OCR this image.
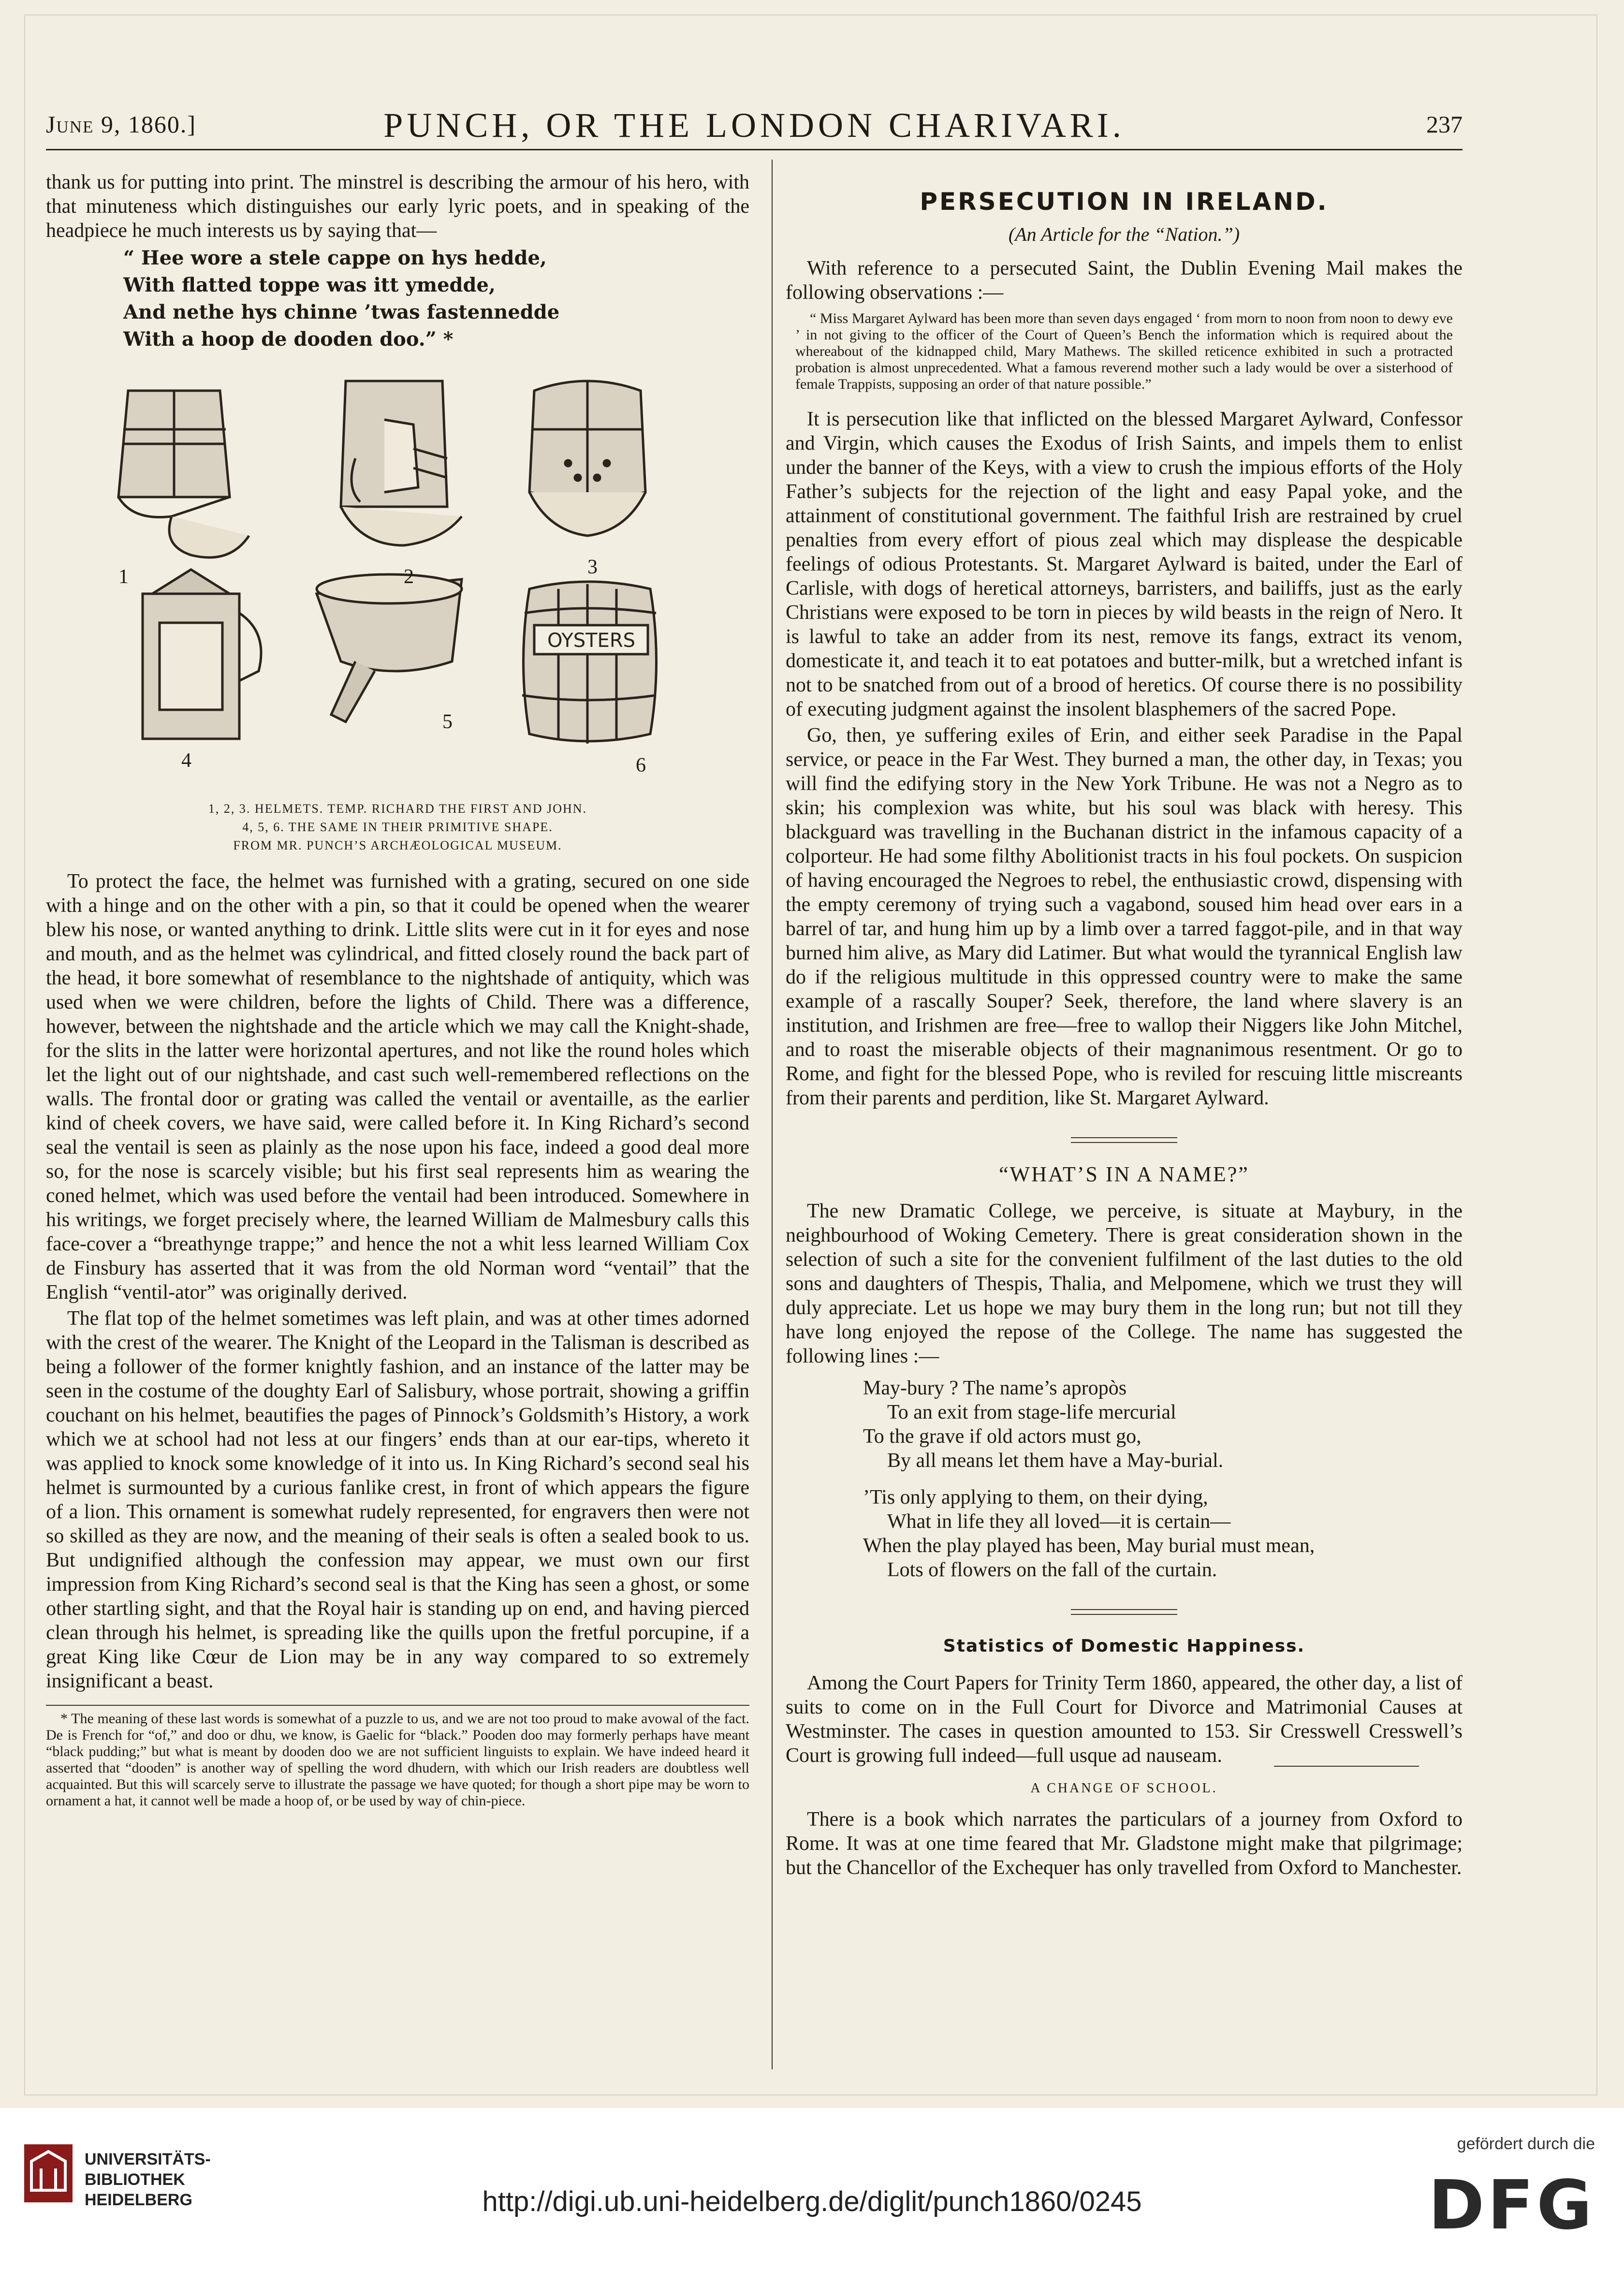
June 9, 1860.]	PUNCH, OR THE LONDON CHARIVARI.	237

thank us for putting into print. The minstrel is describing the armour of his hero, with that minuteness which distinguishes our early lyric poets, and in speaking of the headpiece he much interests us by saying that—

“ Hee wore a stele cappe on hys hedde,
With flatted toppe was itt ymedde,
And nethe hys chinne ’twas fastennedde
With a hoop de dooden doo.” *
OYSTERS
1	2	3
4
5
6
1, 2, 3. HELMETS. TEMP. RICHARD THE FIRST AND JOHN.
4, 5, 6. THE SAME IN THEIR PRIMITIVE SHAPE.
FROM MR. PUNCH’S ARCHÆOLOGICAL MUSEUM.

To protect the face, the helmet was furnished with a grating, secured on one side with a hinge and on the other with a pin, so that it could be opened when the wearer blew his nose, or wanted anything to drink. Little slits were cut in it for eyes and nose and mouth, and as the helmet was cylindrical, and fitted closely round the back part of the head, it bore somewhat of resemblance to the nightshade of antiquity, which was used when we were children, before the lights of Child. There was a difference, however, between the nightshade and the article which we may call the Knight-shade, for the slits in the latter were horizontal apertures, and not like the round holes which let the light out of our nightshade, and cast such well-remembered reflections on the walls. The frontal door or grating was called the ventail or aventaille, as the earlier kind of cheek covers, we have said, were called before it. In King Richard’s second seal the ventail is seen as plainly as the nose upon his face, indeed a good deal more so, for the nose is scarcely visible; but his first seal represents him as wearing the coned helmet, which was used before the ventail had been introduced. Somewhere in his writings, we forget precisely where, the learned William de Malmesbury calls this face-cover a “breathynge trappe;” and hence the not a whit less learned William Cox de Finsbury has asserted that it was from the old Norman word “ventail” that the English “ventil-ator” was originally derived.

The flat top of the helmet sometimes was left plain, and was at other times adorned with the crest of the wearer. The Knight of the Leopard in the Talisman is described as being a follower of the former knightly fashion, and an instance of the latter may be seen in the costume of the doughty Earl of Salisbury, whose portrait, showing a griffin couchant on his helmet, beautifies the pages of Pinnock’s Goldsmith’s History, a work which we at school had not less at our fingers’ ends than at our ear-tips, whereto it was applied to knock some knowledge of it into us. In King Richard’s second seal his helmet is surmounted by a curious fanlike crest, in front of which appears the figure of a lion. This ornament is somewhat rudely represented, for engravers then were not so skilled as they are now, and the meaning of their seals is often a sealed book to us. But undignified although the confession may appear, we must own our first impression from King Richard’s second seal is that the King has seen a ghost, or some other startling sight, and that the Royal hair is standing up on end, and having pierced clean through his helmet, is spreading like the quills upon the fretful porcupine, if a great King like Cœur de Lion may be in any way compared to so extremely insignificant a beast.

* The meaning of these last words is somewhat of a puzzle to us, and we are not too proud to make avowal of the fact. De is French for “of,” and doo or dhu, we know, is Gaelic for “black.” Pooden doo may formerly perhaps have meant “black pudding;” but what is meant by dooden doo we are not sufficient linguists to explain. We have indeed heard it asserted that “dooden” is another way of spelling the word dhudern, with which our Irish readers are doubtless well acquainted. But this will scarcely serve to illustrate the passage we have quoted; for though a short pipe may be worn to ornament a hat, it cannot well be made a hoop of, or be used by way of chin-piece.

PERSECUTION IN IRELAND.
(An Article for the “Nation.”)

With reference to a persecuted Saint, the Dublin Evening Mail makes the following observations :—

“ Miss Margaret Aylward has been more than seven days engaged ‘ from morn to noon from noon to dewy eve ’ in not giving to the officer of the Court of Queen’s Bench the information which is required about the whereabout of the kidnapped child, Mary Mathews. The skilled reticence exhibited in such a protracted probation is almost unprecedented. What a famous reverend mother such a lady would be over a sisterhood of female Trappists, supposing an order of that nature possible.”

It is persecution like that inflicted on the blessed Margaret Aylward, Confessor and Virgin, which causes the Exodus of Irish Saints, and impels them to enlist under the banner of the Keys, with a view to crush the impious efforts of the Holy Father’s subjects for the rejection of the light and easy Papal yoke, and the attainment of constitutional government. The faithful Irish are restrained by cruel penalties from every effort of pious zeal which may displease the despicable feelings of odious Protestants. St. Margaret Aylward is baited, under the Earl of Carlisle, with dogs of heretical attorneys, barristers, and bailiffs, just as the early Christians were exposed to be torn in pieces by wild beasts in the reign of Nero. It is lawful to take an adder from its nest, remove its fangs, extract its venom, domesticate it, and teach it to eat potatoes and butter-milk, but a wretched infant is not to be snatched from out of a brood of heretics. Of course there is no possibility of executing judgment against the insolent blasphemers of the sacred Pope.

Go, then, ye suffering exiles of Erin, and either seek Paradise in the Papal service, or peace in the Far West. They burned a man, the other day, in Texas; you will find the edifying story in the New York Tribune. He was not a Negro as to skin; his complexion was white, but his soul was black with heresy. This blackguard was travelling in the Buchanan district in the infamous capacity of a colporteur. He had some filthy Abolitionist tracts in his foul pockets. On suspicion of having encouraged the Negroes to rebel, the enthusiastic crowd, dispensing with the empty ceremony of trying such a vagabond, soused him head over ears in a barrel of tar, and hung him up by a limb over a tarred faggot-pile, and in that way burned him alive, as Mary did Latimer. But what would the tyrannical English law do if the religious multitude in this oppressed country were to make the same example of a rascally Souper? Seek, therefore, the land where slavery is an institution, and Irishmen are free—free to wallop their Niggers like John Mitchel, and to roast the miserable objects of their magnanimous resentment. Or go to Rome, and fight for the blessed Pope, who is reviled for rescuing little miscreants from their parents and perdition, like St. Margaret Aylward.

“WHAT’S IN A NAME?”

The new Dramatic College, we perceive, is situate at Maybury, in the neighbourhood of Woking Cemetery. There is great consideration shown in the selection of such a site for the convenient fulfilment of the last duties to the old sons and daughters of Thespis, Thalia, and Melpomene, which we trust they will duly appreciate. Let us hope we may bury them in the long run; but not till they have long enjoyed the repose of the College. The name has suggested the following lines :—

May-bury ? The name’s apropòs
To an exit from stage-life mercurial
To the grave if old actors must go,
By all means let them have a May-burial.
’Tis only applying to them, on their dying,
What in life they all loved—it is certain—
When the play played has been, May burial must mean,
Lots of flowers on the fall of the curtain.
Statistics of Domestic Happiness.

Among the Court Papers for Trinity Term 1860, appeared, the other day, a list of suits to come on in the Full Court for Divorce and Matrimonial Causes at Westminster. The cases in question amounted to 153. Sir Cresswell Cresswell’s Court is growing full indeed—full usque ad nauseam.

A CHANGE OF SCHOOL.

There is a book which narrates the particulars of a journey from Oxford to Rome. It was at one time feared that Mr. Gladstone might make that pilgrimage; but the Chancellor of the Exchequer has only travelled from Oxford to Manchester.

UNIVERSITÄTS-
BIBLIOTHEK
HEIDELBERG	http://digi.ub.uni-heidelberg.de/diglit/punch1860/0245
gefördert durch die
DFG
